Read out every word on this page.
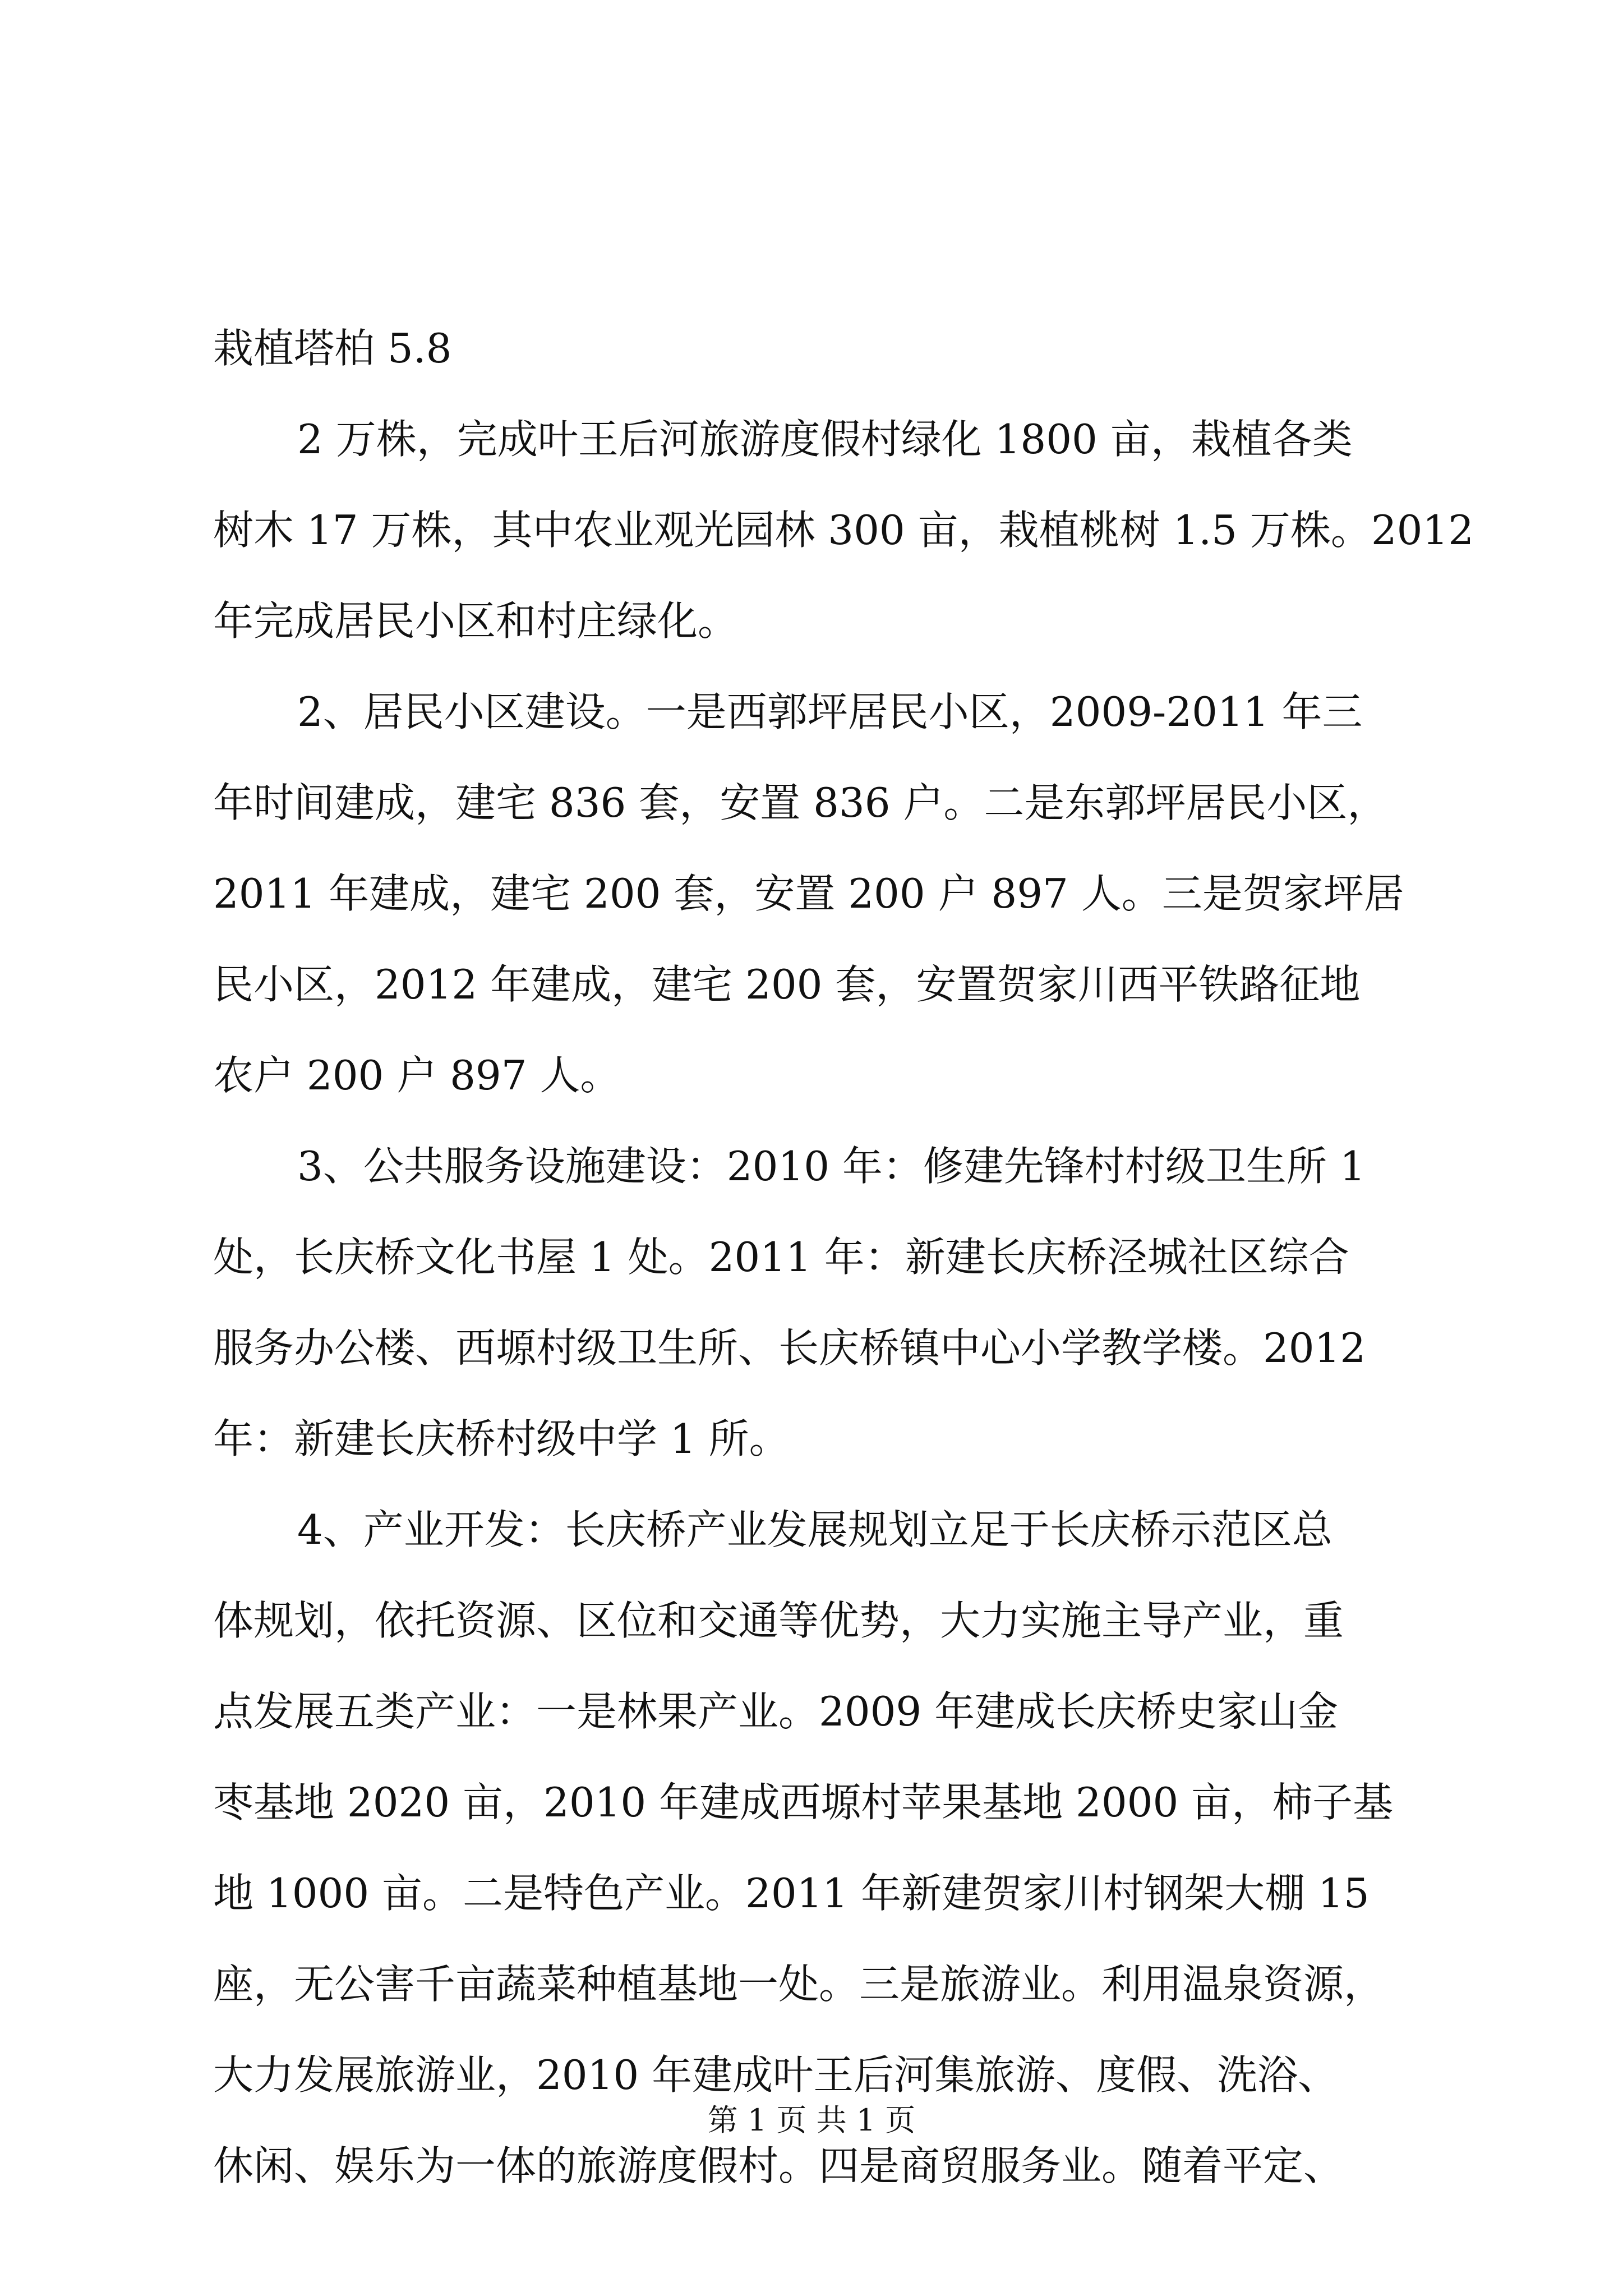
栽植塔柏 5.8
2 万株，完成叶王后河旅游度假村绿化 1800 亩，栽植各类
树木 17 万株，其中农业观光园林 300 亩，栽植桃树 1.5 万株。2012
年完成居民小区和村庄绿化。
2、居民小区建设。一是西郭坪居民小区，2009-2011 年三
年时间建成，建宅 836 套，安置 836 户。二是东郭坪居民小区，
2011 年建成，建宅 200 套，安置 200 户 897 人。三是贺家坪居
民小区，2012 年建成，建宅 200 套，安置贺家川西平铁路征地
农户 200 户 897 人。
3、公共服务设施建设：2010 年：修建先锋村村级卫生所 1
处，长庆桥文化书屋 1 处。2011 年：新建长庆桥泾城社区综合
服务办公楼、西塬村级卫生所、长庆桥镇中心小学教学楼。2012
年：新建长庆桥村级中学 1 所。
4、产业开发：长庆桥产业发展规划立足于长庆桥示范区总
体规划，依托资源、区位和交通等优势，大力实施主导产业，重
点发展五类产业：一是林果产业。2009 年建成长庆桥史家山金
枣基地 2020 亩，2010 年建成西塬村苹果基地 2000 亩，柿子基
地 1000 亩。二是特色产业。2011 年新建贺家川村钢架大棚 15
座，无公害千亩蔬菜种植基地一处。三是旅游业。利用温泉资源，
大力发展旅游业，2010 年建成叶王后河集旅游、度假、洗浴、
休闲、娱乐为一体的旅游度假村。四是商贸服务业。随着平定、
第 1 页 共 1 页
